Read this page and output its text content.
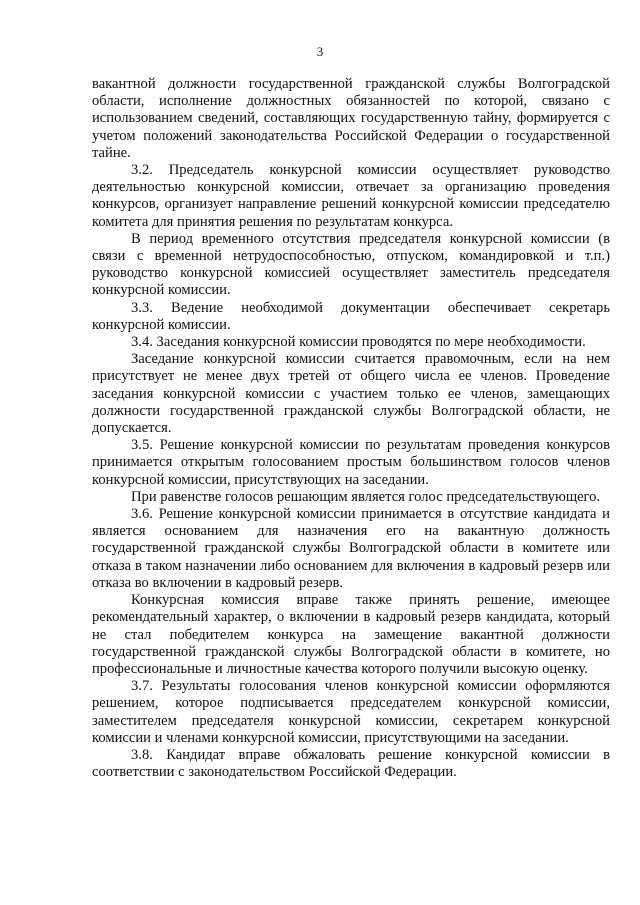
3

вакантной должности государственной гражданской службы Волгоградской области, исполнение должностных обязанностей по которой, связано с использованием сведений, составляющих государственную тайну, формируется с учетом положений законодательства Российской Федерации о государственной тайне.

3.2. Председатель конкурсной комиссии осуществляет руководство деятельностью конкурсной комиссии, отвечает за организацию проведения конкурсов, организует направление решений конкурсной комиссии председателю комитета для принятия решения по результатам конкурса.

В период временного отсутствия председателя конкурсной комиссии (в связи с временной нетрудоспособностью, отпуском, командировкой и т.п.) руководство конкурсной комиссией осуществляет заместитель председателя конкурсной комиссии.

3.3. Ведение необходимой документации обеспечивает секретарь конкурсной комиссии.

3.4. Заседания конкурсной комиссии проводятся по мере необходимости.

Заседание конкурсной комиссии считается правомочным, если на нем присутствует не менее двух третей от общего числа ее членов. Проведение заседания конкурсной комиссии с участием только ее членов, замещающих должности государственной гражданской службы Волгоградской области, не допускается.

3.5. Решение конкурсной комиссии по результатам проведения конкурсов принимается открытым голосованием простым большинством голосов членов конкурсной комиссии, присутствующих на заседании.

При равенстве голосов решающим является голос председательствующего.

3.6. Решение конкурсной комиссии принимается в отсутствие кандидата и является основанием для назначения его на вакантную должность государственной гражданской службы Волгоградской области в комитете или отказа в таком назначении либо основанием для включения в кадровый резерв или отказа во включении в кадровый резерв.

Конкурсная комиссия вправе также принять решение, имеющее рекомендательный характер, о включении в кадровый резерв кандидата, который не стал победителем конкурса на замещение вакантной должности государственной гражданской службы Волгоградской области в комитете, но профессиональные и личностные качества которого получили высокую оценку.

3.7. Результаты голосования членов конкурсной комиссии оформляются решением, которое подписывается председателем конкурсной комиссии, заместителем председателя конкурсной комиссии, секретарем конкурсной комиссии и членами конкурсной комиссии, присутствующими на заседании.

3.8. Кандидат вправе обжаловать решение конкурсной комиссии в соответствии с законодательством Российской Федерации.
